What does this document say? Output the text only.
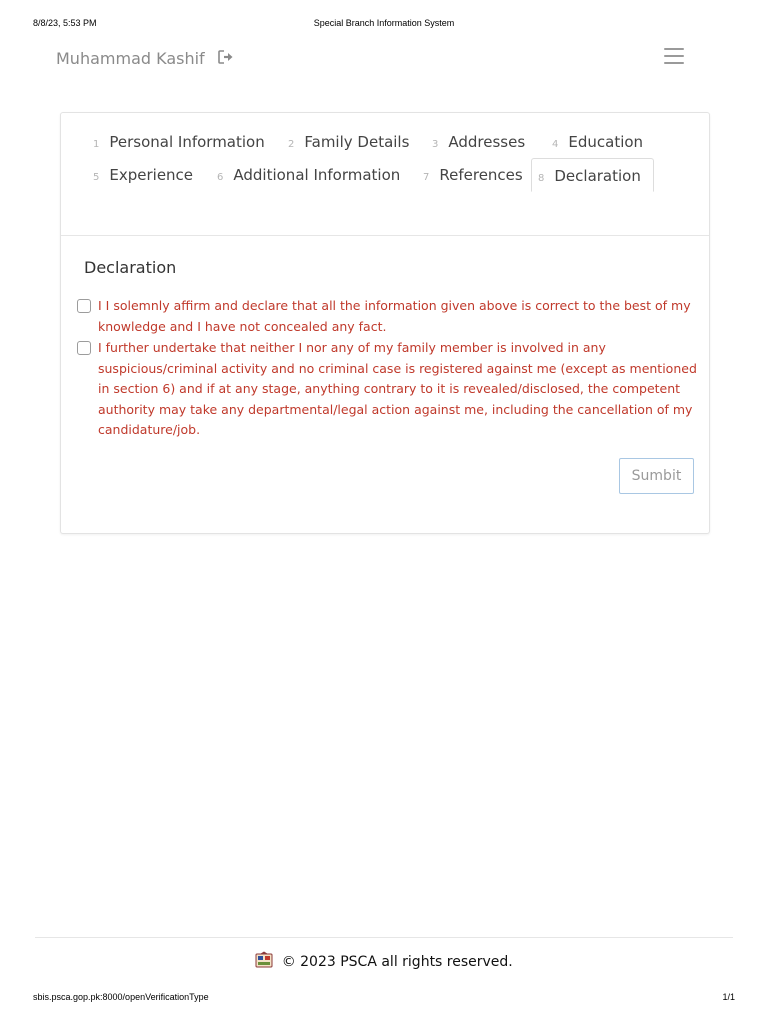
8/8/23, 5:53 PM	Special Branch Information System
Muhammad Kashif
1 Personal Information	2 Family Details	3 Addresses	4 Education
5 Experience	6 Additional Information	7 References	8 Declaration
Declaration
I I solemnly affirm and declare that all the information given above is correct to the best of my knowledge and I have not concealed any fact.
I further undertake that neither I nor any of my family member is involved in any suspicious/criminal activity and no criminal case is registered against me (except as mentioned in section 6) and if at any stage, anything contrary to it is revealed/disclosed, the competent authority may take any departmental/legal action against me, including the cancellation of my candidature/job.
Sumbit
© 2023 PSCA all rights reserved.
sbis.psca.gop.pk:8000/openVerificationType	1/1
